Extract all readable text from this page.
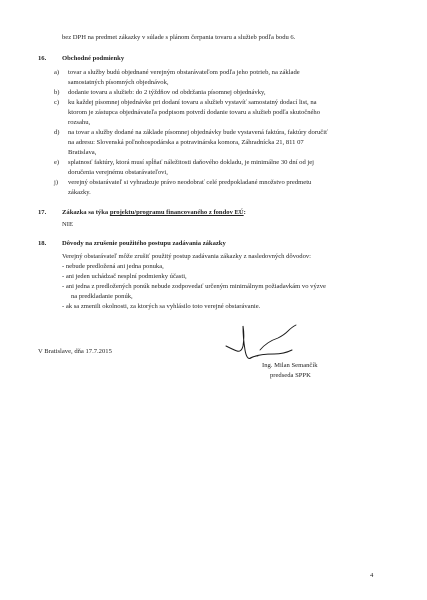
bez DPH na predmet zákazky v súlade s plánom čerpania tovaru a služieb podľa bodu 6.
16. Obchodné podmienky
a) tovar a služby budú objednané verejným obstarávateľom podľa jeho potrieb, na základe
samostatných písomných objednávok,
b) dodanie tovaru a služieb: do 2 týždňov od obdržania písomnej objednávky,
c) ku každej písomnej objednávke pri dodaní tovaru a služieb vystavíť samostatný dodací list, na
ktorom je zástupca objednávateľa podpisom potvrdí dodanie tovaru a služieb podľa skutočného
rozsahu,
d) na tovar a služby dodané na základe písomnej objednávky bude vystavená faktúra, faktúry doručiť
na adresu: Slovenská poľnohospodárska a potravinárska komora, Záhradnícka 21, 811 07
Bratislava,
e) splatnosť faktúry, ktorá musí spĺňať náležitosti daňového dokladu, je minimálne 30 dní od jej
doručenia verejnému obstarávateľovi,
j) verejný obstarávateľ si vyhradzuje právo neodobrať celé predpokladané množstvo predmetu
zákazky.
17. Zákazka sa týka projektu/programu financovaného z fondov EÚ:
NIE
18. Dôvody na zrušenie použitého postupu zadávania zákazky
Verejný obstarávateľ môže zrušiť použitý postup zadávania zákazky z nasledovných dôvodov:
- nebude predložená ani jedna ponuka,
- ani jeden uchádzač nesplní podmienky účasti,
- ani jedna z predložených ponúk nebude zodpovedať určeným minimálnym požiadavkám vo výzve
na predkladanie ponúk,
- ak sa zmenili okolnosti, za ktorých sa vyhlásilo toto verejné obstarávanie.
V Bratislave, dňa 17.7.2015
Ing. Milan Semančík
predseda SPPK
4
